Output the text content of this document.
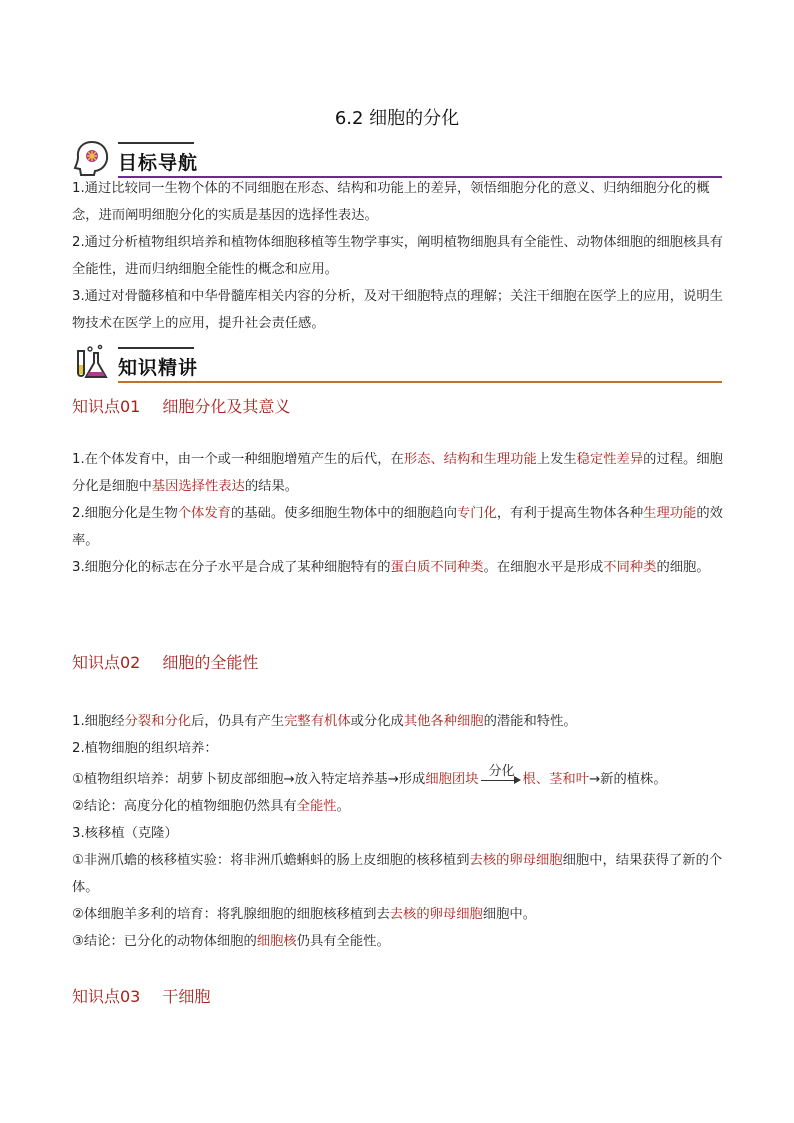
6.2 细胞的分化
目标导航

1.通过比较同一生物个体的不同细胞在形态、结构和功能上的差异，领悟细胞分化的意义、归纳细胞分化的概念，进而阐明细胞分化的实质是基因的选择性表达。

2.通过分析植物组织培养和植物体细胞移植等生物学事实，阐明植物细胞具有全能性、动物体细胞的细胞核具有全能性，进而归纳细胞全能性的概念和应用。

3.通过对骨髓移植和中华骨髓库相关内容的分析，及对干细胞特点的理解；关注干细胞在医学上的应用，说明生物技术在医学上的应用，提升社会责任感。

知识精讲
知识点01 细胞分化及其意义

1.在个体发育中，由一个或一种细胞增殖产生的后代，在形态、结构和生理功能上发生稳定性差异的过程。细胞分化是细胞中基因选择性表达的结果。

2.细胞分化是生物个体发育的基础。使多细胞生物体中的细胞趋向专门化，有利于提高生物体各种生理功能的效率。

3.细胞分化的标志在分子水平是合成了某种细胞特有的蛋白质不同种类。在细胞水平是形成不同种类的细胞。

知识点02 细胞的全能性

1.细胞经分裂和分化后，仍具有产生完整有机体或分化成其他各种细胞的潜能和特性。

2.植物细胞的组织培养：

①植物组织培养：胡萝卜韧皮部细胞→放入特定培养基→形成细胞团块
分化
根、茎和叶→新的植株。

②结论：高度分化的植物细胞仍然具有全能性。

3.核移植（克隆）

①非洲爪蟾的核移植实验：将非洲爪蟾蝌蚪的肠上皮细胞的核移植到去核的卵母细胞细胞中，结果获得了新的个体。

②体细胞羊多利的培育：将乳腺细胞的细胞核移植到去去核的卵母细胞细胞中。

③结论：已分化的动物体细胞的细胞核仍具有全能性。

知识点03 干细胞
